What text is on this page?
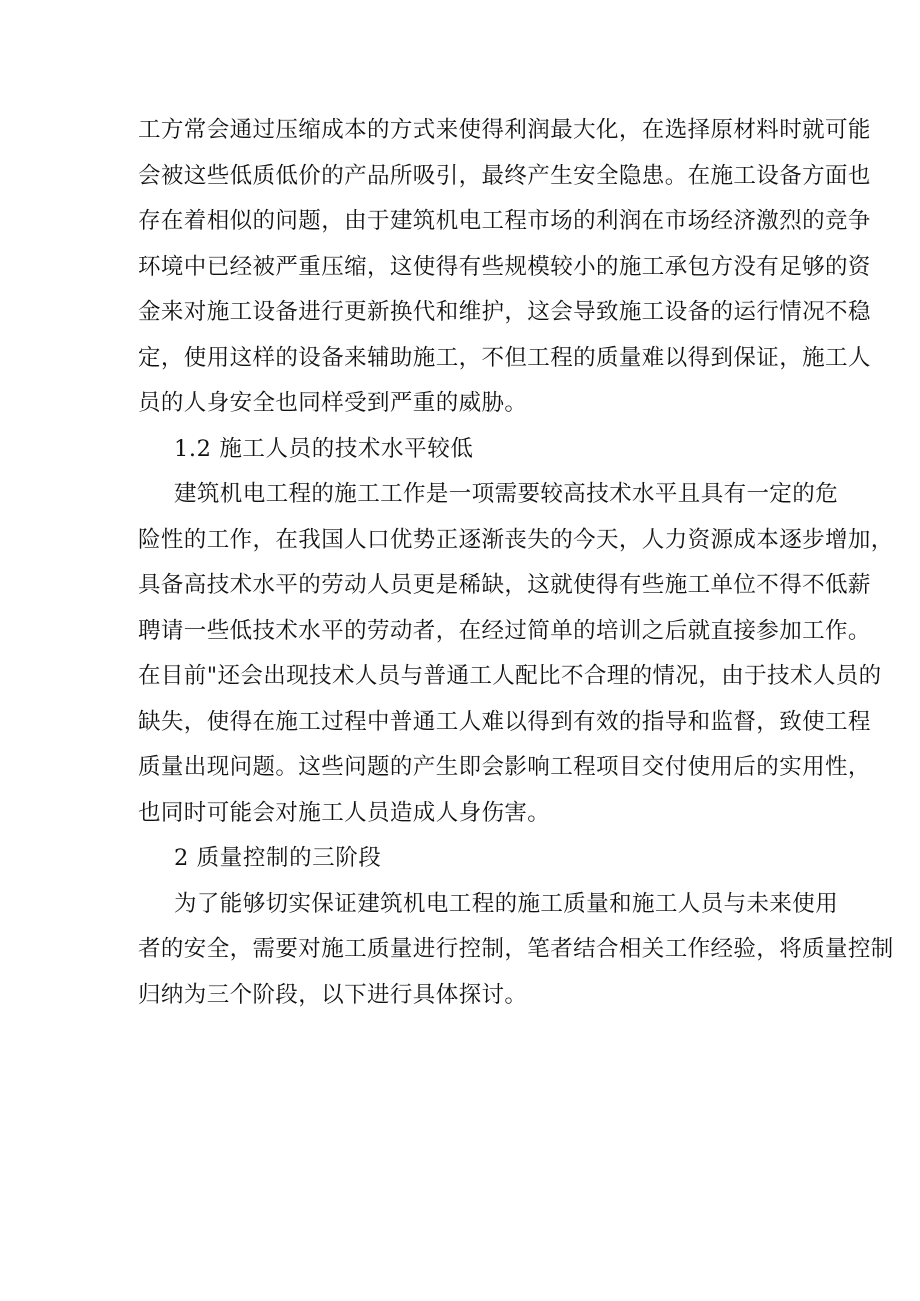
工方常会通过压缩成本的方式来使得利润最大化，在选择原材料时就可能
会被这些低质低价的产品所吸引，最终产生安全隐患。在施工设备方面也
存在着相似的问题，由于建筑机电工程市场的利润在市场经济激烈的竞争
环境中已经被严重压缩，这使得有些规模较小的施工承包方没有足够的资
金来对施工设备进行更新换代和维护，这会导致施工设备的运行情况不稳
定，使用这样的设备来辅助施工，不但工程的质量难以得到保证，施工人
员的人身安全也同样受到严重的威胁。
1.2 施工人员的技术水平较低
建筑机电工程的施工工作是一项需要较高技术水平且具有一定的危
险性的工作，在我国人口优势正逐渐丧失的今天，人力资源成本逐步增加，
具备高技术水平的劳动人员更是稀缺，这就使得有些施工单位不得不低薪
聘请一些低技术水平的劳动者，在经过简单的培训之后就直接参加工作。
在目前"还会出现技术人员与普通工人配比不合理的情况，由于技术人员的
缺失，使得在施工过程中普通工人难以得到有效的指导和监督，致使工程
质量出现问题。这些问题的产生即会影响工程项目交付使用后的实用性，
也同时可能会对施工人员造成人身伤害。
2 质量控制的三阶段
为了能够切实保证建筑机电工程的施工质量和施工人员与未来使用
者的安全，需要对施工质量进行控制，笔者结合相关工作经验，将质量控制
归纳为三个阶段，以下进行具体探讨。
